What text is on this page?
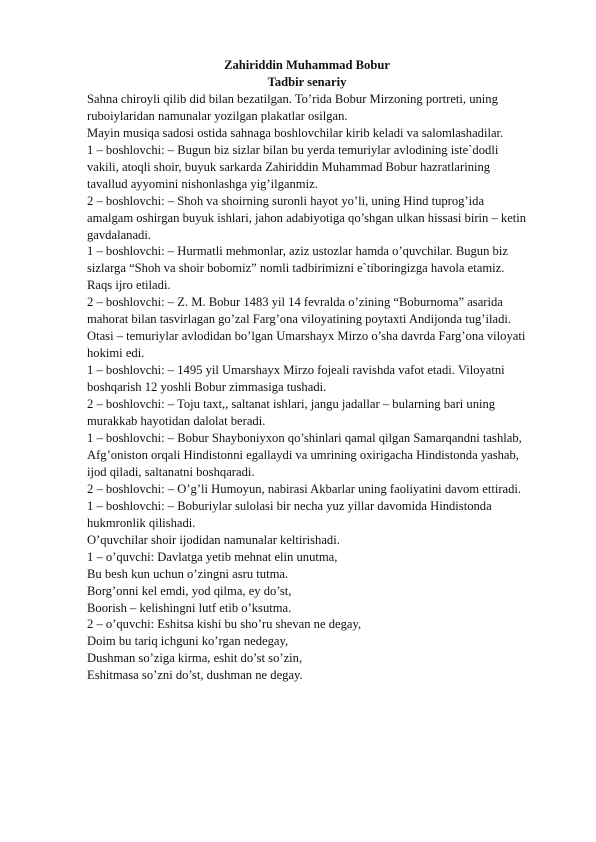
Zahiriddin Muhammad Bobur

Tadbir senariy

Sahna chiroyli qilib did bilan bezatilgan. To’rida Bobur Mirzoning portreti, uning ruboiylaridan namunalar yozilgan plakatlar osilgan.

Mayin musiqa sadosi ostida sahnaga boshlovchilar kirib keladi va salomlashadilar.

1 – boshlovchi: – Bugun biz sizlar bilan bu yerda temuriylar avlodining iste`dodli vakili, atoqli shoir, buyuk sarkarda Zahiriddin Muhammad Bobur hazratlarining tavallud ayyomini nishonlashga yig’ilganmiz.

2 – boshlovchi: – Shoh va shoirning suronli hayot yo’li, uning Hind tuprog’ida amalgam oshirgan buyuk ishlari, jahon adabiyotiga qo’shgan ulkan hissasi birin – ketin gavdalanadi.

1 – boshlovchi: – Hurmatli mehmonlar, aziz ustozlar hamda o’quvchilar. Bugun biz sizlarga “Shoh va shoir bobomiz” nomli tadbirimizni e`tiboringizga havola etamiz.

Raqs ijro etiladi.

2 – boshlovchi: – Z. M. Bobur 1483 yil 14 fevralda o’zining “Boburnoma” asarida mahorat bilan tasvirlagan go’zal Farg’ona viloyatining poytaxti Andijonda tug’iladi. Otasi – temuriylar avlodidan bo’lgan Umarshayx Mirzo o’sha davrda Farg’ona viloyati hokimi edi.

1 – boshlovchi: – 1495 yil Umarshayx Mirzo fojeali ravishda vafot etadi. Viloyatni boshqarish 12 yoshli Bobur zimmasiga tushadi.

2 – boshlovchi: – Toju taxt,, saltanat ishlari, jangu jadallar – bularning bari uning murakkab hayotidan dalolat beradi.

1 – boshlovchi: – Bobur Shayboniyxon qo’shinlari qamal qilgan Samarqandni tashlab, Afg’oniston orqali Hindistonni egallaydi va umrining oxirigacha Hindistonda yashab, ijod qiladi, saltanatni boshqaradi.

2 – boshlovchi: – O’g’li Humoyun, nabirasi Akbarlar uning faoliyatini davom ettiradi.

1 – boshlovchi: – Boburiylar sulolasi bir necha yuz yillar davomida Hindistonda hukmronlik qilishadi.

O’quvchilar shoir ijodidan namunalar keltirishadi.

1 – o’quvchi: Davlatga yetib mehnat elin unutma,

Bu besh kun uchun o’zingni asru tutma.

Borg’onni kel emdi, yod qilma, ey do’st,

Boorish – kelishingni lutf etib o’ksutma.

2 – o’quvchi: Eshitsa kishi bu sho’ru shevan ne degay,

Doim bu tariq ichguni ko’rgan nedegay,

Dushman so’ziga kirma, eshit do’st so’zin,

Eshitmasa so’zni do’st, dushman ne degay.
